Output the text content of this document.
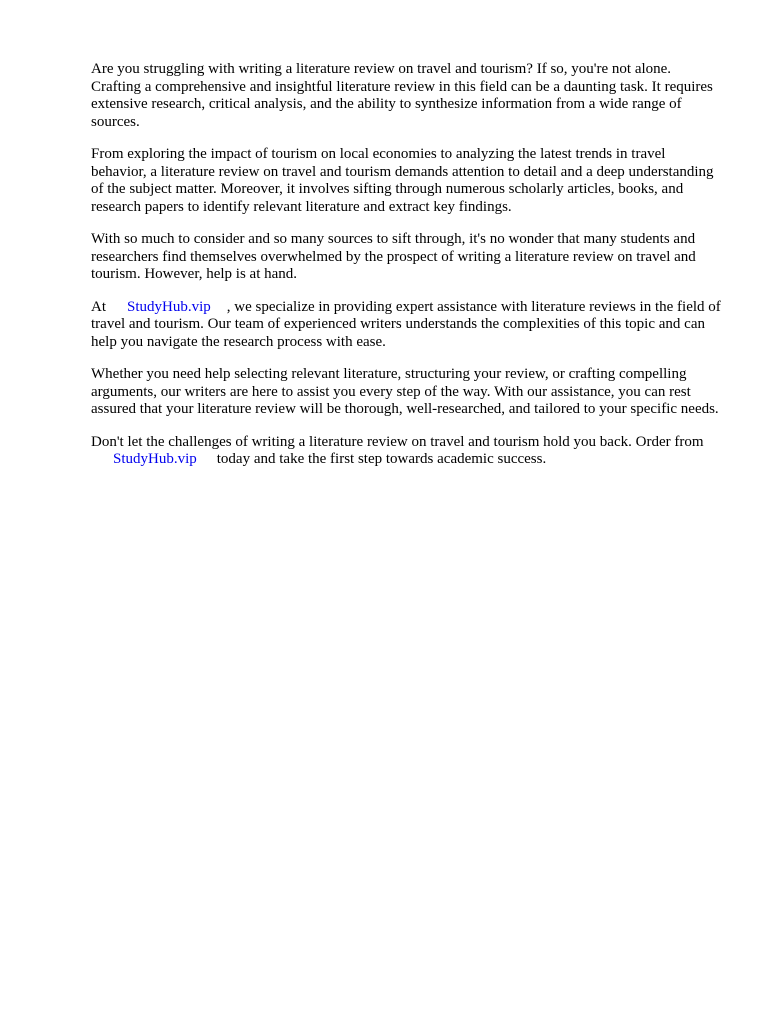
Are you struggling with writing a literature review on travel and tourism? If so, you're not alone. Crafting a comprehensive and insightful literature review in this field can be a daunting task. It requires extensive research, critical analysis, and the ability to synthesize information from a wide range of sources.

From exploring the impact of tourism on local economies to analyzing the latest trends in travel behavior, a literature review on travel and tourism demands attention to detail and a deep understanding of the subject matter. Moreover, it involves sifting through numerous scholarly articles, books, and research papers to identify relevant literature and extract key findings.

With so much to consider and so many sources to sift through, it's no wonder that many students and researchers find themselves overwhelmed by the prospect of writing a literature review on travel and tourism. However, help is at hand.

At StudyHub.vip , we specialize in providing expert assistance with literature reviews in the field of travel and tourism. Our team of experienced writers understands the complexities of this topic and can help you navigate the research process with ease.

Whether you need help selecting relevant literature, structuring your review, or crafting compelling arguments, our writers are here to assist you every step of the way. With our assistance, you can rest assured that your literature review will be thorough, well-researched, and tailored to your specific needs.

Don't let the challenges of writing a literature review on travel and tourism hold you back. Order fromStudyHub.vip today and take the first step towards academic success.
